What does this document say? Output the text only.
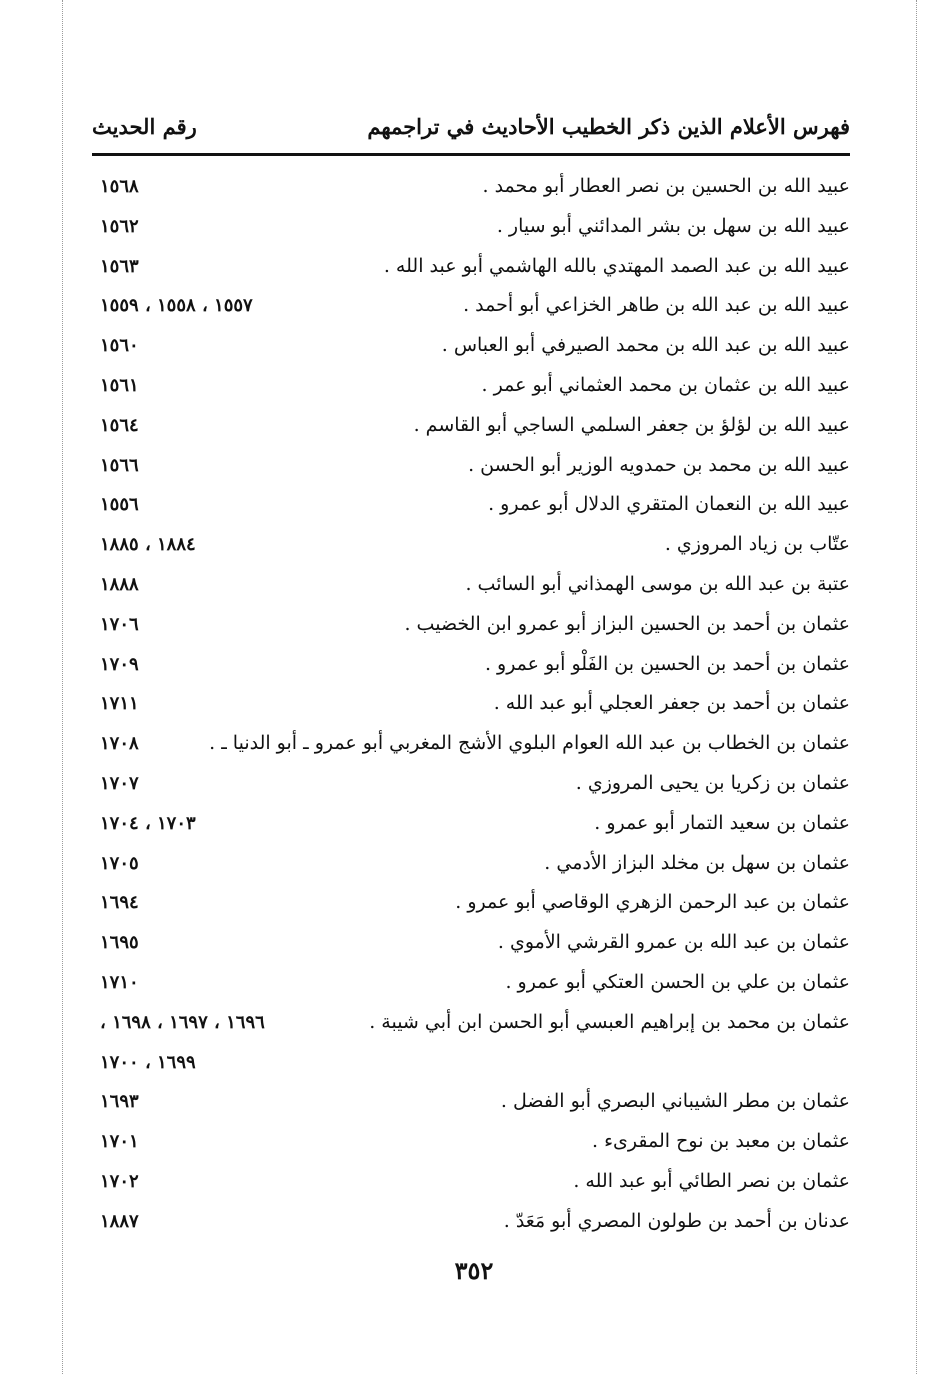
فهرس الأعلام الذين ذكر الخطيب الأحاديث في تراجمهم
رقم الحديث
عبيد الله بن الحسين بن نصر العطار أبو محمد .
١٥٦٨
عبيد الله بن سهل بن بشر المدائني أبو سيار .
١٥٦٢
عبيد الله بن عبد الصمد المهتدي بالله الهاشمي أبو عبد الله .
١٥٦٣
عبيد الله بن عبد الله بن طاهر الخزاعي أبو أحمد .
١٥٥٧ ، ١٥٥٨ ، ١٥٥٩
عبيد الله بن عبد الله بن محمد الصيرفي أبو العباس .
١٥٦٠
عبيد الله بن عثمان بن محمد العثماني أبو عمر .
١٥٦١
عبيد الله بن لؤلؤ بن جعفر السلمي الساجي أبو القاسم .
١٥٦٤
عبيد الله بن محمد بن حمدويه الوزير أبو الحسن .
١٥٦٦
عبيد الله بن النعمان المتقري الدلال أبو عمرو .
١٥٥٦
عتّاب بن زياد المروزي .
١٨٨٤ ، ١٨٨٥
عتبة بن عبد الله بن موسى الهمذاني أبو السائب .
١٨٨٨
عثمان بن أحمد بن الحسين البزاز أبو عمرو ابن الخضيب .
١٧٠٦
عثمان بن أحمد بن الحسين بن الفَلْو أبو عمرو .
١٧٠٩
عثمان بن أحمد بن جعفر العجلي أبو عبد الله .
١٧١١
عثمان بن الخطاب بن عبد الله العوام البلوي الأشج المغربي أبو عمرو ـ أبو الدنيا ـ .
١٧٠٨
عثمان بن زكريا بن يحيى المروزي .
١٧٠٧
عثمان بن سعيد التمار أبو عمرو .
١٧٠٣ ، ١٧٠٤
عثمان بن سهل بن مخلد البزاز الأدمي .
١٧٠٥
عثمان بن عبد الرحمن الزهري الوقاصي أبو عمرو .
١٦٩٤
عثمان بن عبد الله بن عمرو القرشي الأموي .
١٦٩٥
عثمان بن علي بن الحسن العتكي أبو عمرو .
١٧١٠
عثمان بن محمد بن إبراهيم العبسي أبو الحسن ابن أبي شيبة .
١٦٩٦ ، ١٦٩٧ ، ١٦٩٨ ،
١٦٩٩ ، ١٧٠٠
عثمان بن مطر الشيباني البصري أبو الفضل .
١٦٩٣
عثمان بن معبد بن نوح المقرىء .
١٧٠١
عثمان بن نصر الطائي أبو عبد الله .
١٧٠٢
عدنان بن أحمد بن طولون المصري أبو مَعَدّ .
١٨٨٧
٣٥٢
